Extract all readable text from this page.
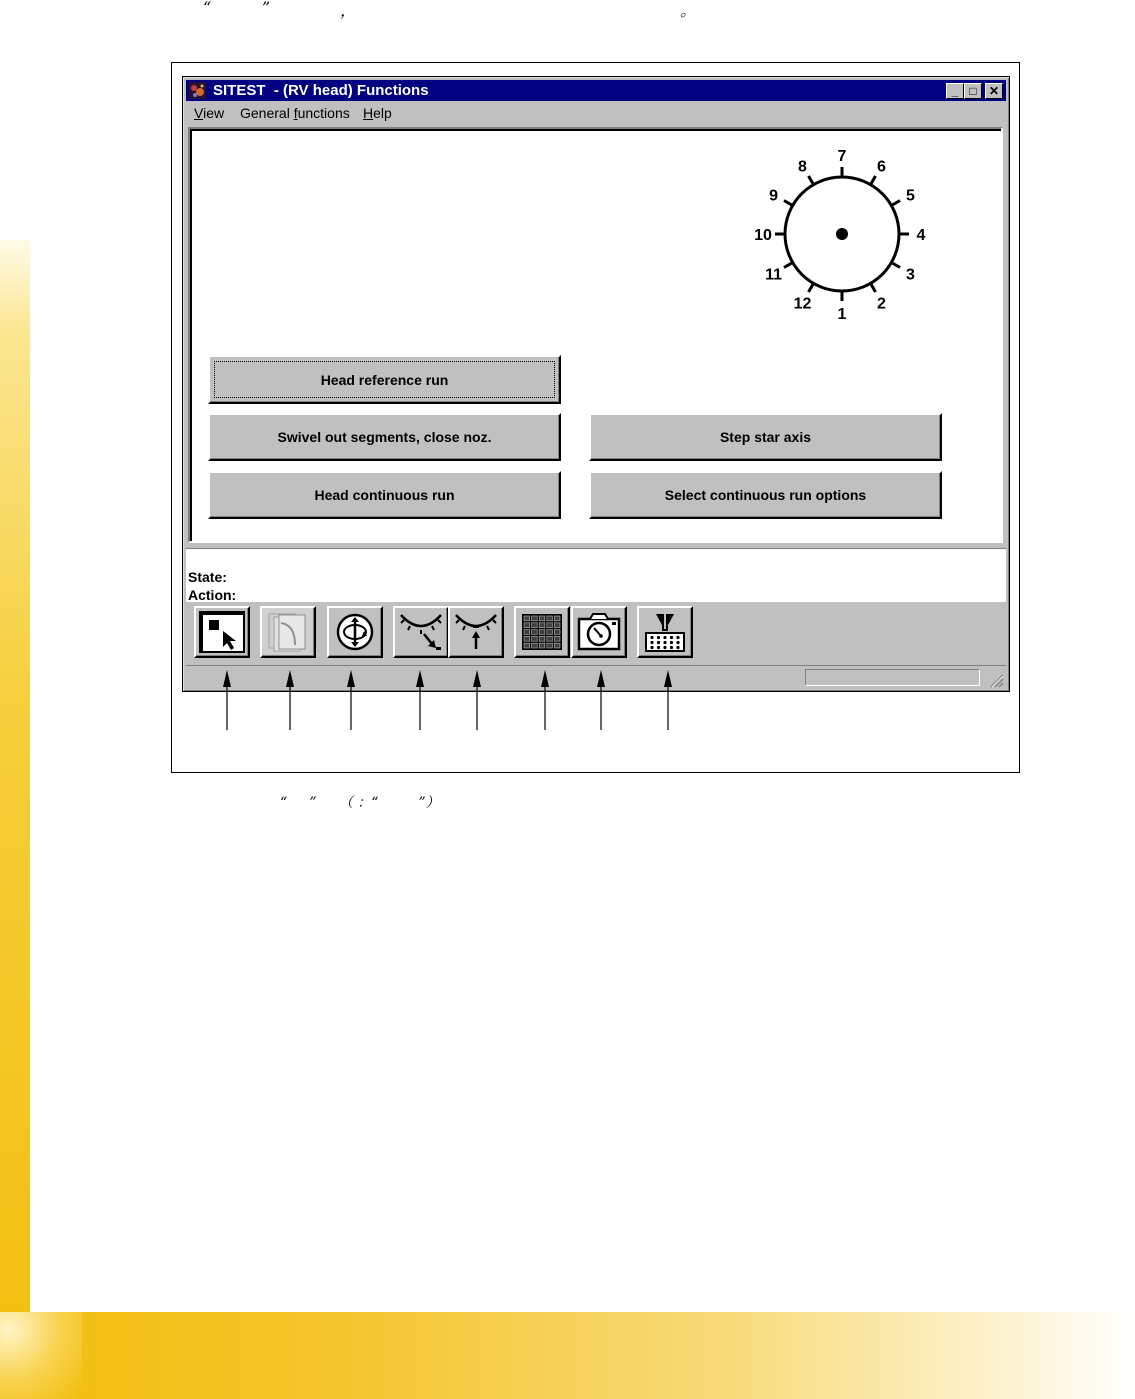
“	”	，	。
SITEST  - (RV head) Functions	_ □	✕
View General functions Help
1
2
3
4
5
6
7
8
9
10
11
12
Head reference run
Swivel out segments, close noz.	Step star axis
Head continuous run	Select continuous run options
State:
Action:
“     ”     （ ：“         ”）
